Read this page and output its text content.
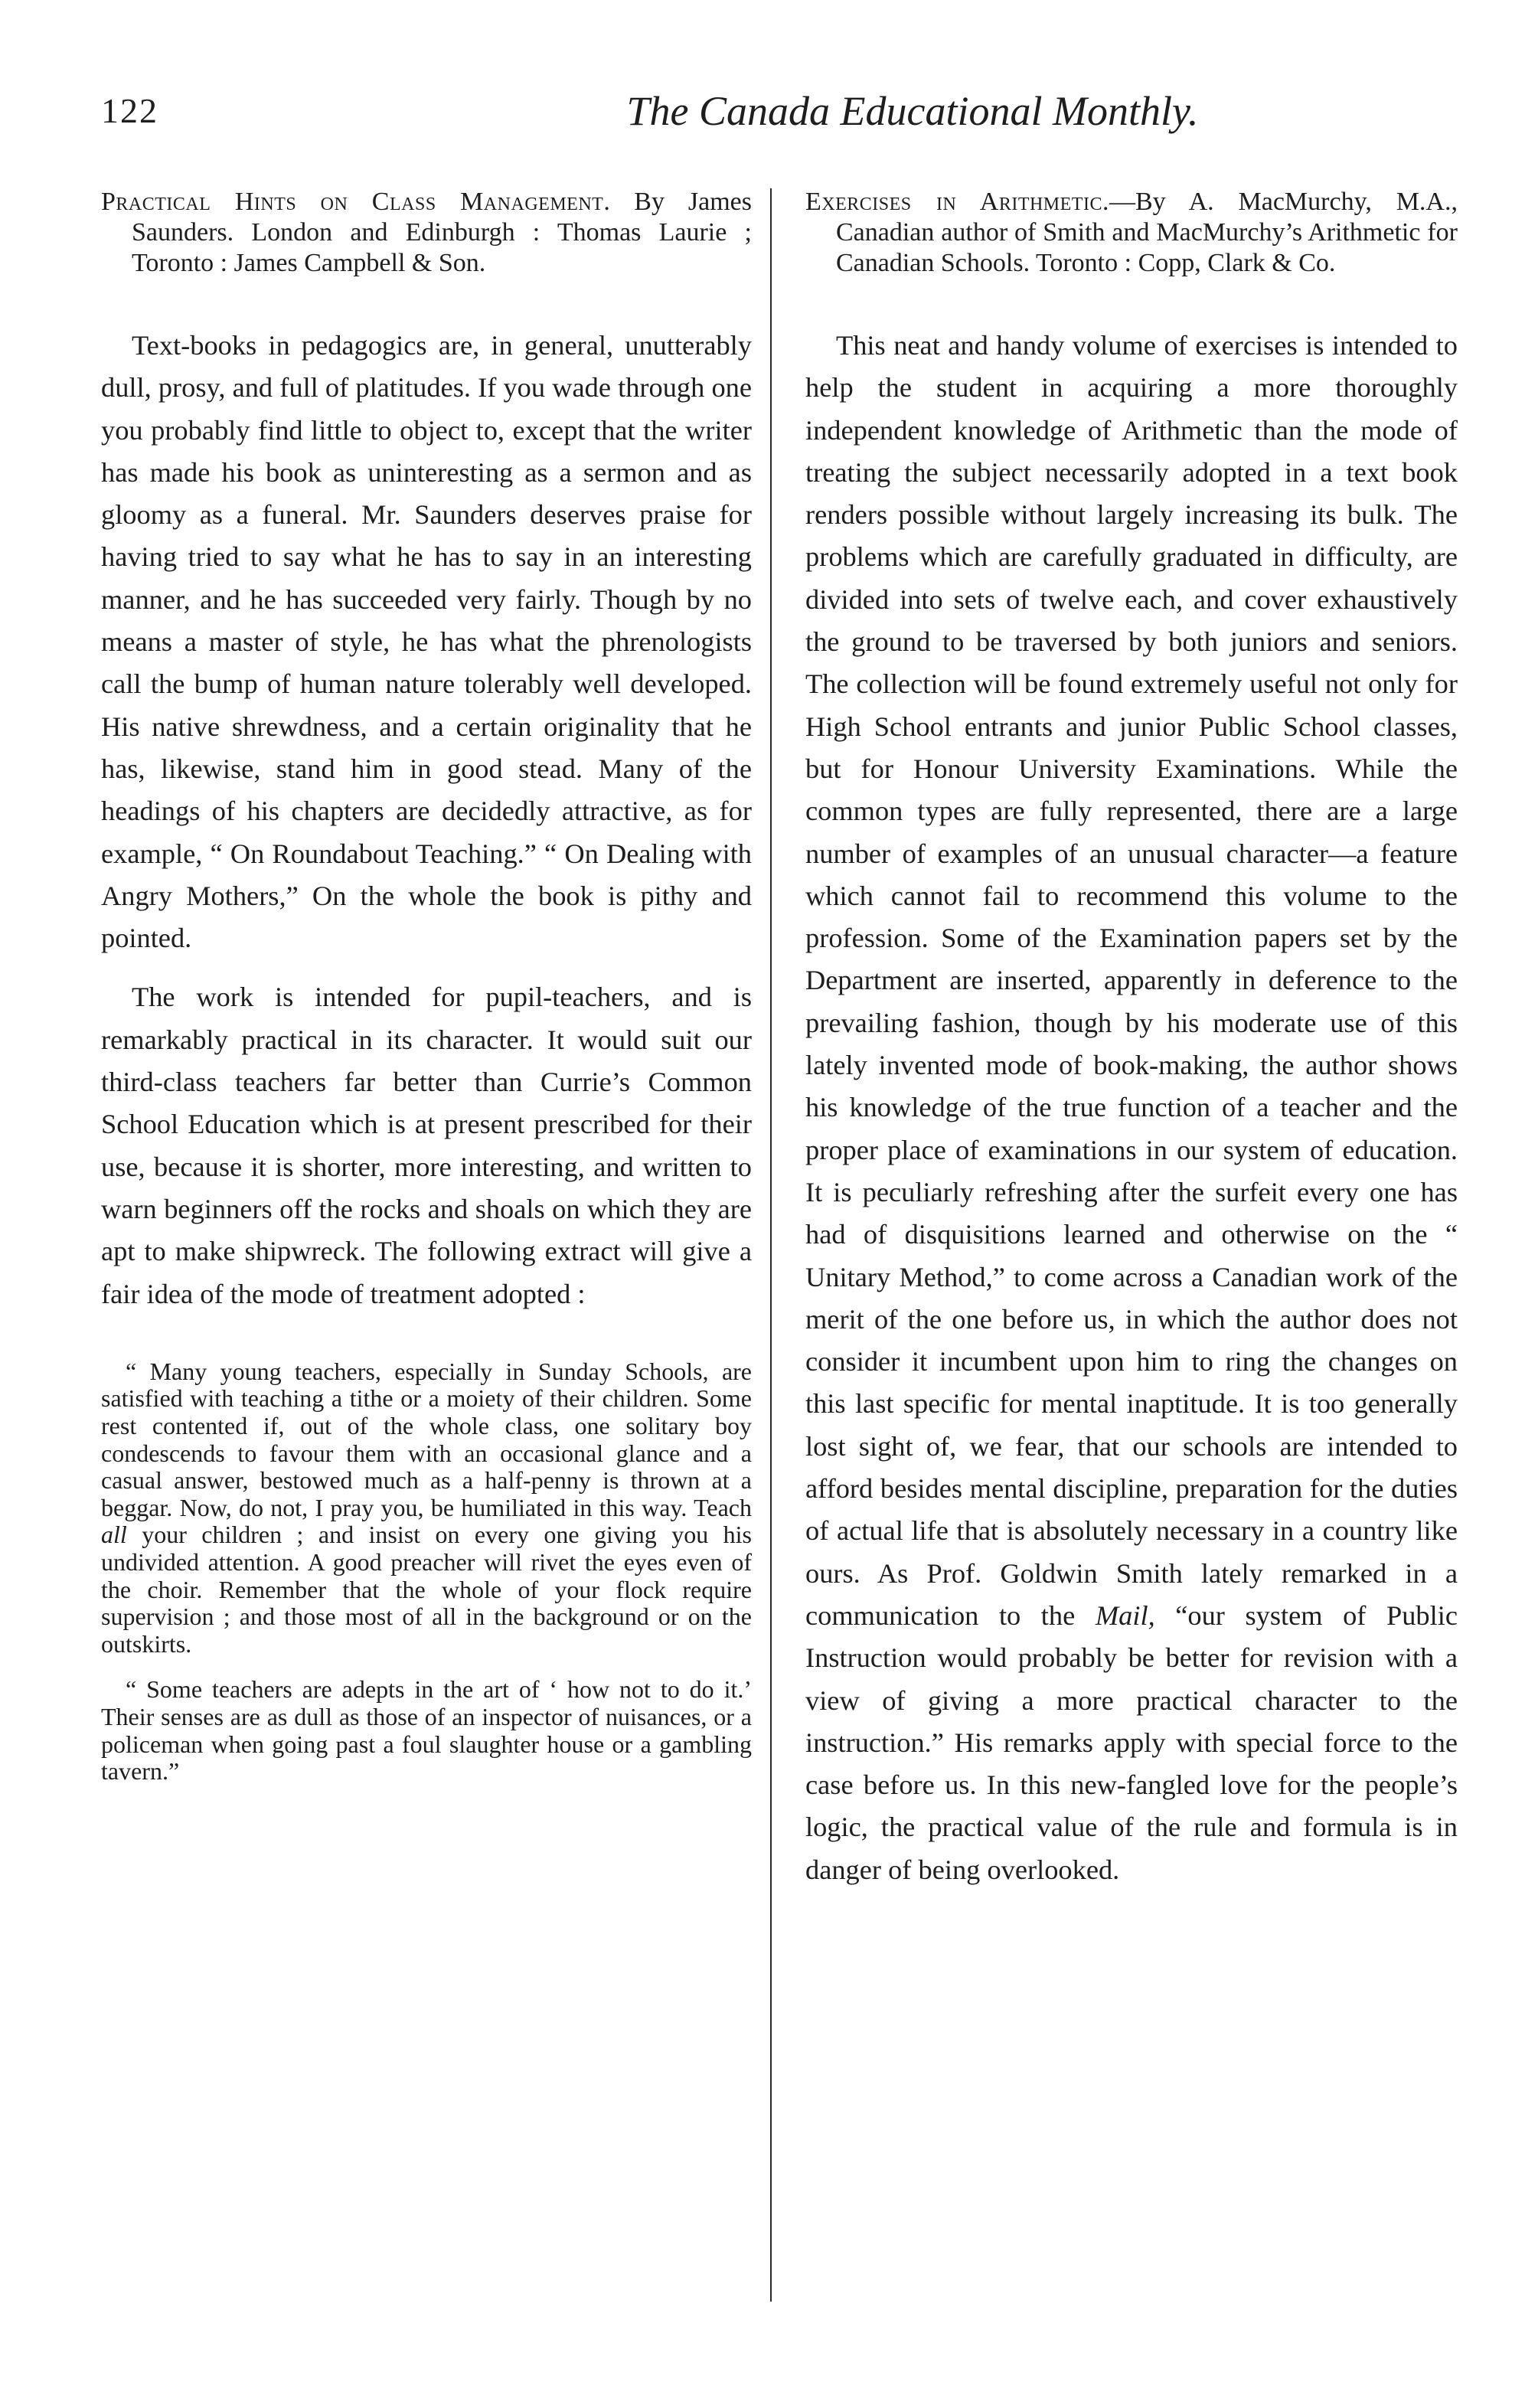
122	The Canada Educational Monthly.
Practical Hints on Class Management. By James Saunders. London and Edinburgh : Thomas Laurie ; Toronto : James Campbell & Son.

Text-books in pedagogics are, in general, unutterably dull, prosy, and full of platitudes. If you wade through one you probably find little to object to, except that the writer has made his book as uninteresting as a sermon and as gloomy as a funeral. Mr. Saunders deserves praise for having tried to say what he has to say in an interesting manner, and he has succeeded very fairly. Though by no means a master of style, he has what the phrenologists call the bump of human nature tolerably well developed. His native shrewdness, and a certain originality that he has, likewise, stand him in good stead. Many of the headings of his chapters are decidedly attractive, as for example, “ On Roundabout Teaching.” “ On Dealing with Angry Mothers,” On the whole the book is pithy and pointed.

The work is intended for pupil-teachers, and is remarkably practical in its character. It would suit our third-class teachers far better than Currie’s Common School Education which is at present prescribed for their use, because it is shorter, more interesting, and written to warn beginners off the rocks and shoals on which they are apt to make shipwreck. The following extract will give a fair idea of the mode of treatment adopted :

“ Many young teachers, especially in Sunday Schools, are satisfied with teaching a tithe or a moiety of their children. Some rest contented if, out of the whole class, one solitary boy condescends to favour them with an occasional glance and a casual answer, bestowed much as a half-penny is thrown at a beggar. Now, do not, I pray you, be humiliated in this way. Teach all your children ; and insist on every one giving you his undivided attention. A good preacher will rivet the eyes even of the choir. Remember that the whole of your flock require supervision ; and those most of all in the background or on the outskirts.

“ Some teachers are adepts in the art of ‘ how not to do it.’ Their senses are as dull as those of an inspector of nuisances, or a policeman when going past a foul slaughter house or a gambling tavern.”

Exercises in Arithmetic.—By A. MacMurchy, M.A., Canadian author of Smith and MacMurchy’s Arithmetic for Canadian Schools. Toronto : Copp, Clark & Co.

This neat and handy volume of exercises is intended to help the student in acquiring a more thoroughly independent knowledge of Arithmetic than the mode of treating the subject necessarily adopted in a text book renders possible without largely increasing its bulk. The problems which are carefully graduated in difficulty, are divided into sets of twelve each, and cover exhaustively the ground to be traversed by both juniors and seniors. The collection will be found extremely useful not only for High School entrants and junior Public School classes, but for Honour University Examinations. While the common types are fully represented, there are a large number of examples of an unusual character—a feature which cannot fail to recommend this volume to the profession. Some of the Examination papers set by the Department are inserted, apparently in deference to the prevailing fashion, though by his moderate use of this lately invented mode of book-making, the author shows his knowledge of the true function of a teacher and the proper place of examinations in our system of education. It is peculiarly refreshing after the surfeit every one has had of disquisitions learned and otherwise on the “ Unitary Method,” to come across a Canadian work of the merit of the one before us, in which the author does not consider it incumbent upon him to ring the changes on this last specific for mental inaptitude. It is too generally lost sight of, we fear, that our schools are intended to afford besides mental discipline, preparation for the duties of actual life that is absolutely necessary in a country like ours. As Prof. Goldwin Smith lately remarked in a communication to the Mail, “our system of Public Instruction would probably be better for revision with a view of giving a more practical character to the instruction.” His remarks apply with special force to the case before us. In this new-fangled love for the people’s logic, the practical value of the rule and formula is in danger of being overlooked.
